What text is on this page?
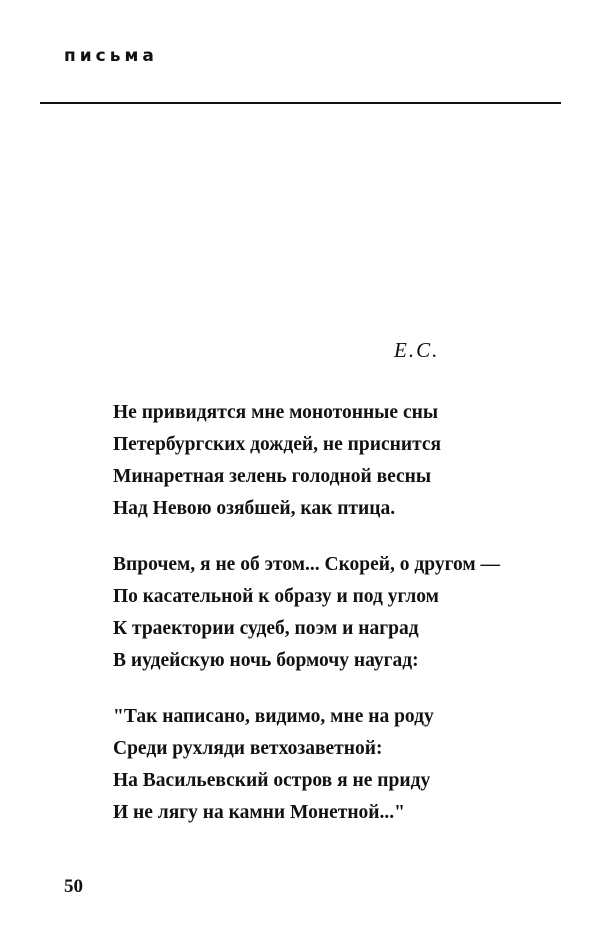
письма
Е.С.
Не привидятся мне монотонные сны
Петербургских дождей, не приснится
Минаретная зелень голодной весны
Над Невою озябшей, как птица.
Впрочем, я не об этом... Скорей, о другом —
По касательной к образу и под углом
К траектории судеб, поэм и наград
В иудейскую ночь бормочу наугад:
"Так написано, видимо, мне на роду
Среди рухляди ветхозаветной:
На Васильевский остров я не приду
И не лягу на камни Монетной..."
50
